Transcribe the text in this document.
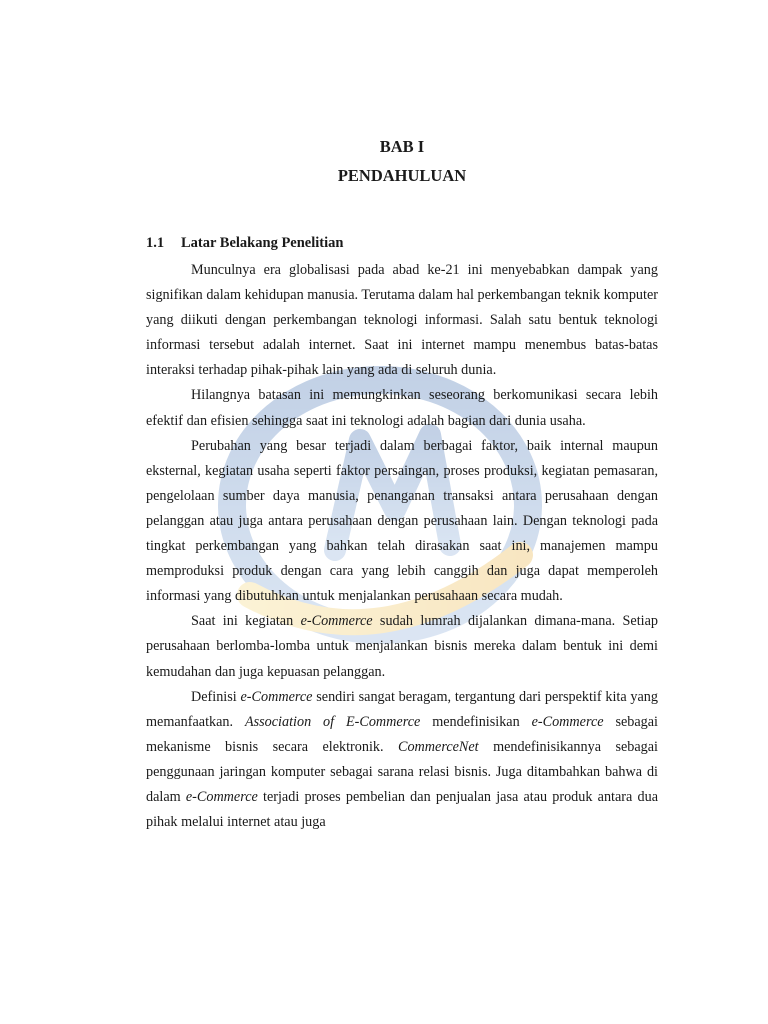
BAB I
PENDAHULUAN
1.1 Latar Belakang Penelitian

Munculnya era globalisasi pada abad ke-21 ini menyebabkan dampak yang signifikan dalam kehidupan manusia. Terutama dalam hal perkembangan teknik komputer yang diikuti dengan perkembangan teknologi informasi. Salah satu bentuk teknologi informasi tersebut adalah internet. Saat ini internet mampu menembus batas-batas interaksi terhadap pihak-pihak lain yang ada di seluruh dunia.

Hilangnya batasan ini memungkinkan seseorang berkomunikasi secara lebih efektif dan efisien sehingga saat ini teknologi adalah bagian dari dunia usaha.

Perubahan yang besar terjadi dalam berbagai faktor, baik internal maupun eksternal, kegiatan usaha seperti faktor persaingan, proses produksi, kegiatan pemasaran, pengelolaan sumber daya manusia, penanganan transaksi antara perusahaan dengan pelanggan atau juga antara perusahaan dengan perusahaan lain. Dengan teknologi pada tingkat perkembangan yang bahkan telah dirasakan saat ini, manajemen mampu memproduksi produk dengan cara yang lebih canggih dan juga dapat memperoleh informasi yang dibutuhkan untuk menjalankan perusahaan secara mudah.

Saat ini kegiatan e-Commerce sudah lumrah dijalankan dimana-mana. Setiap perusahaan berlomba-lomba untuk menjalankan bisnis mereka dalam bentuk ini demi kemudahan dan juga kepuasan pelanggan.

Definisi e-Commerce sendiri sangat beragam, tergantung dari perspektif kita yang memanfaatkan. Association of E-Commerce mendefinisikan e-Commerce sebagai mekanisme bisnis secara elektronik. CommerceNet mendefinisikannya sebagai penggunaan jaringan komputer sebagai sarana relasi bisnis. Juga ditambahkan bahwa di dalam e-Commerce terjadi proses pembelian dan penjualan jasa atau produk antara dua pihak melalui internet atau juga
